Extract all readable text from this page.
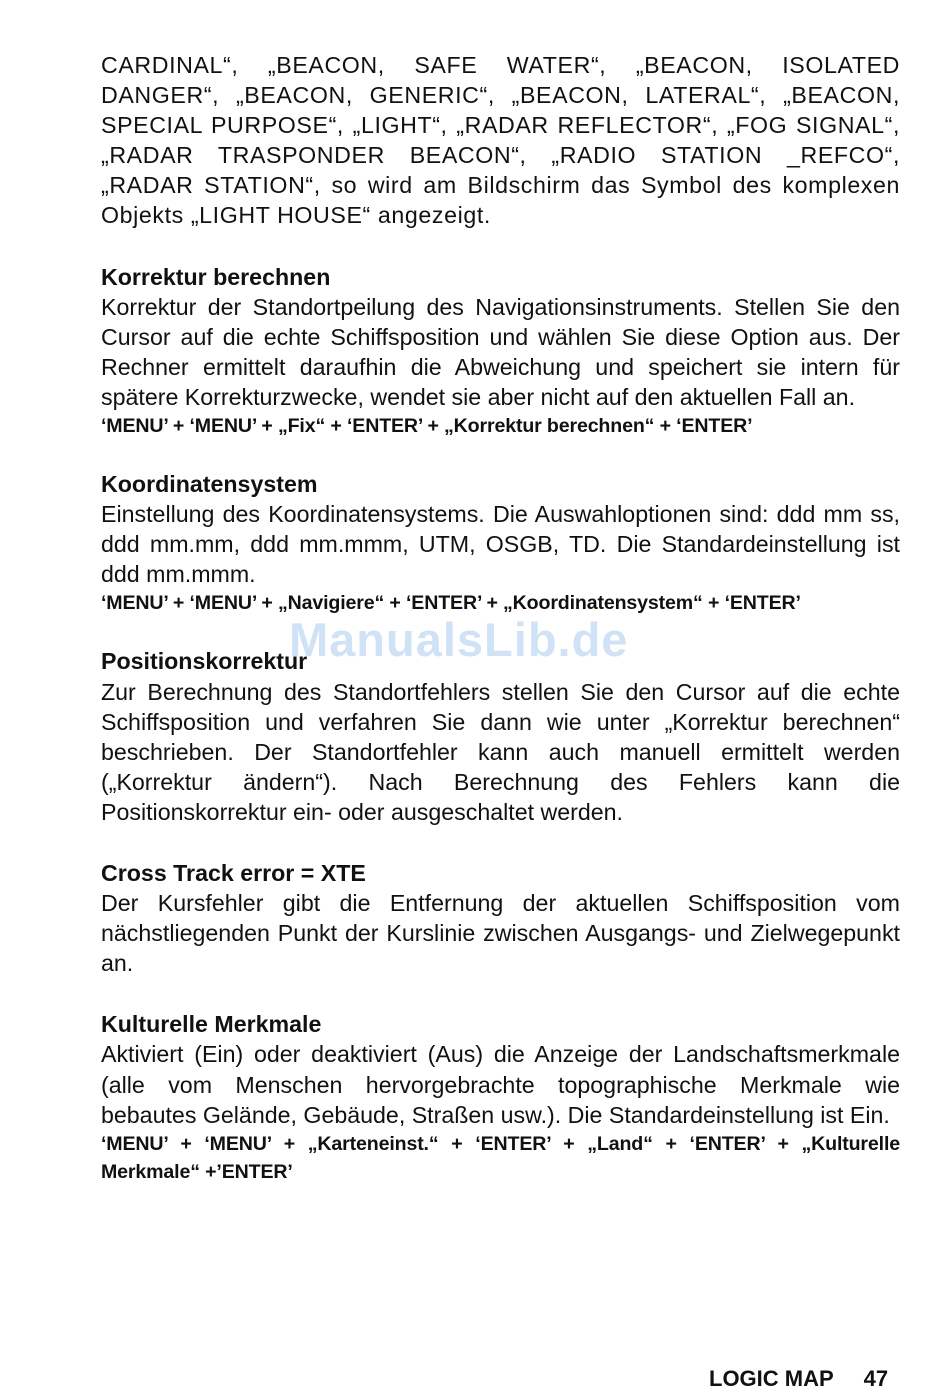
CARDINAL“, „BEACON, SAFE WATER“, „BEACON, ISOLATED DANGER“, „BEACON, GENERIC“, „BEACON, LATERAL“, „BEACON, SPECIAL PURPOSE“, „LIGHT“, „RADAR REFLECTOR“, „FOG SIGNAL“, „RADAR TRASPONDER BEACON“, „RADIO STATION _REFCO“, „RADAR STATION“, so wird am Bildschirm das Symbol des komplexen Objekts „LIGHT HOUSE“ angezeigt.

Korrektur berechnen

Korrektur der Standortpeilung des Navigationsinstruments. Stellen Sie den Cursor auf die echte Schiffsposition und wählen Sie diese Option aus. Der Rechner ermittelt daraufhin die Abweichung und speichert sie intern für spätere Korrekturzwecke, wendet sie aber nicht auf den aktuellen Fall an.

‘MENU’ + ‘MENU’ + „Fix“ + ‘ENTER’ + „Korrektur berechnen“ + ‘ENTER’

Koordinatensystem

Einstellung des Koordinatensystems. Die Auswahloptionen sind: ddd mm ss, ddd mm.mm, ddd mm.mmm, UTM, OSGB, TD. Die Standardeinstellung ist ddd mm.mmm.

‘MENU’ + ‘MENU’ + „Navigiere“ + ‘ENTER’ + „Koordinatensystem“ + ‘ENTER’

Positionskorrektur

Zur Berechnung des Standortfehlers stellen Sie den Cursor auf die echte Schiffsposition und verfahren Sie dann wie unter „Korrektur berechnen“ beschrieben. Der Standortfehler kann auch manuell ermittelt werden („Korrektur ändern“). Nach Berechnung des Fehlers kann die Positionskorrektur ein- oder ausgeschaltet werden.

Cross Track error = XTE

Der Kursfehler gibt die Entfernung der aktuellen Schiffsposition vom nächstliegenden Punkt der Kurslinie zwischen Ausgangs- und Zielwegepunkt an.

Kulturelle Merkmale

Aktiviert (Ein) oder deaktiviert (Aus) die Anzeige der Landschaftsmerkmale (alle vom Menschen hervorgebrachte topographische Merkmale wie bebautes Gelände, Gebäude, Straßen usw.). Die Standardeinstellung ist Ein.

‘MENU’ + ‘MENU’ + „Karteneinst.“ + ‘ENTER’ + „Land“ + ‘ENTER’ + „Kulturelle Merkmale“ +’ENTER’

ManualsLib.de
LOGIC MAP 47
